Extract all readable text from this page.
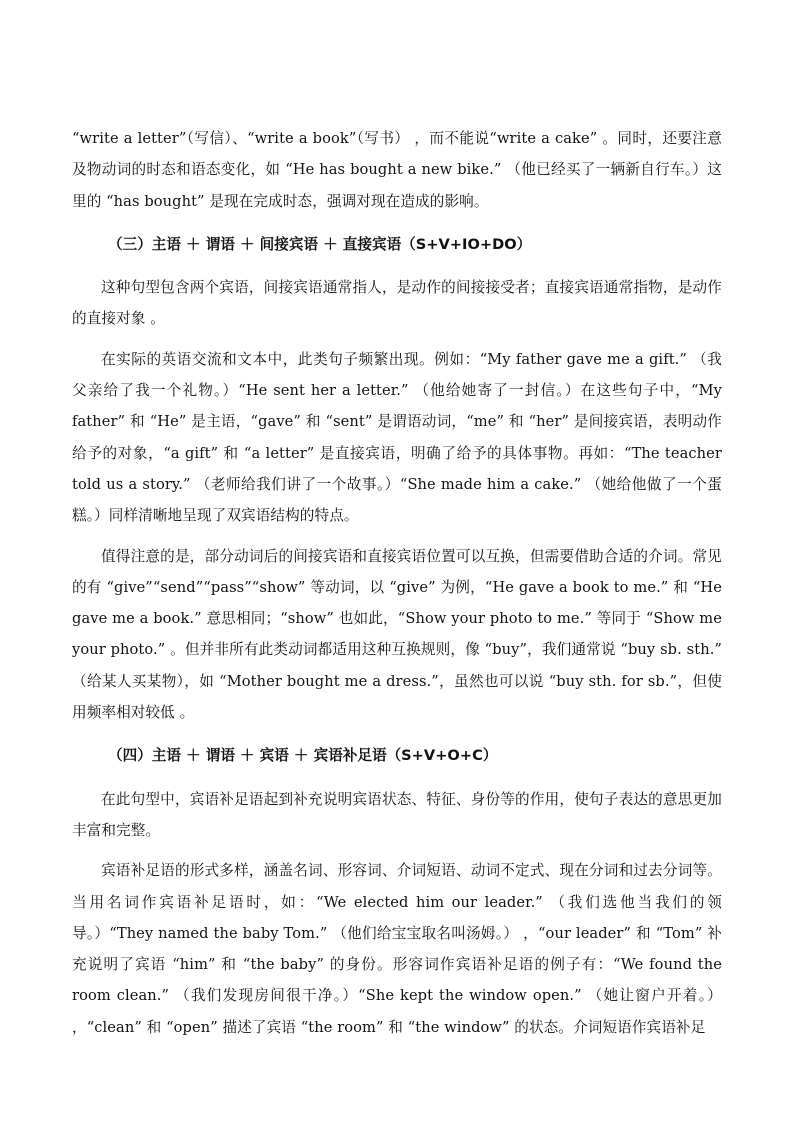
“write a letter”（写信）、“write a book”（写书） ，而不能说“write a cake” 。同时，还要注意及物动词的时态和语态变化，如 “He has bought a new bike.” （他已经买了一辆新自行车。）这里的 “has bought” 是现在完成时态，强调对现在造成的影响。

（三）主语 ＋ 谓语 ＋ 间接宾语 ＋ 直接宾语（S+V+IO+DO）

这种句型包含两个宾语，间接宾语通常指人，是动作的间接接受者；直接宾语通常指物，是动作的直接对象 。

在实际的英语交流和文本中，此类句子频繁出现。例如：“My father gave me a gift.” （我父亲给了我一个礼物。）“He sent her a letter.” （他给她寄了一封信。）在这些句子中，“My father” 和 “He” 是主语，“gave” 和 “sent” 是谓语动词，“me” 和 “her” 是间接宾语，表明动作给予的对象，“a gift” 和 “a letter” 是直接宾语，明确了给予的具体事物。再如：“The teacher told us a story.” （老师给我们讲了一个故事。）“She made him a cake.” （她给他做了一个蛋糕。）同样清晰地呈现了双宾语结构的特点。

值得注意的是，部分动词后的间接宾语和直接宾语位置可以互换，但需要借助合适的介词。常见的有 “give”“send”“pass”“show” 等动词，以 “give” 为例，“He gave a book to me.” 和 “He gave me a book.” 意思相同；“show” 也如此，“Show your photo to me.” 等同于 “Show me your photo.” 。但并非所有此类动词都适用这种互换规则，像 “buy”，我们通常说 “buy sb. sth.” （给某人买某物），如 “Mother bought me a dress.”，虽然也可以说 “buy sth. for sb.”，但使用频率相对较低 。

（四）主语 ＋ 谓语 ＋ 宾语 ＋ 宾语补足语（S+V+O+C）

在此句型中，宾语补足语起到补充说明宾语状态、特征、身份等的作用，使句子表达的意思更加丰富和完整。

宾语补足语的形式多样，涵盖名词、形容词、介词短语、动词不定式、现在分词和过去分词等。当用名词作宾语补足语时，如：“We elected him our leader.” （我们选他当我们的领导。）“They named the baby Tom.” （他们给宝宝取名叫汤姆。） ，“our leader” 和 “Tom” 补充说明了宾语 “him” 和 “the baby” 的身份。形容词作宾语补足语的例子有：“We found the room clean.” （我们发现房间很干净。）“She kept the window open.” （她让窗户开着。） ，“clean” 和 “open” 描述了宾语 “the room” 和 “the window” 的状态。介词短语作宾语补足
